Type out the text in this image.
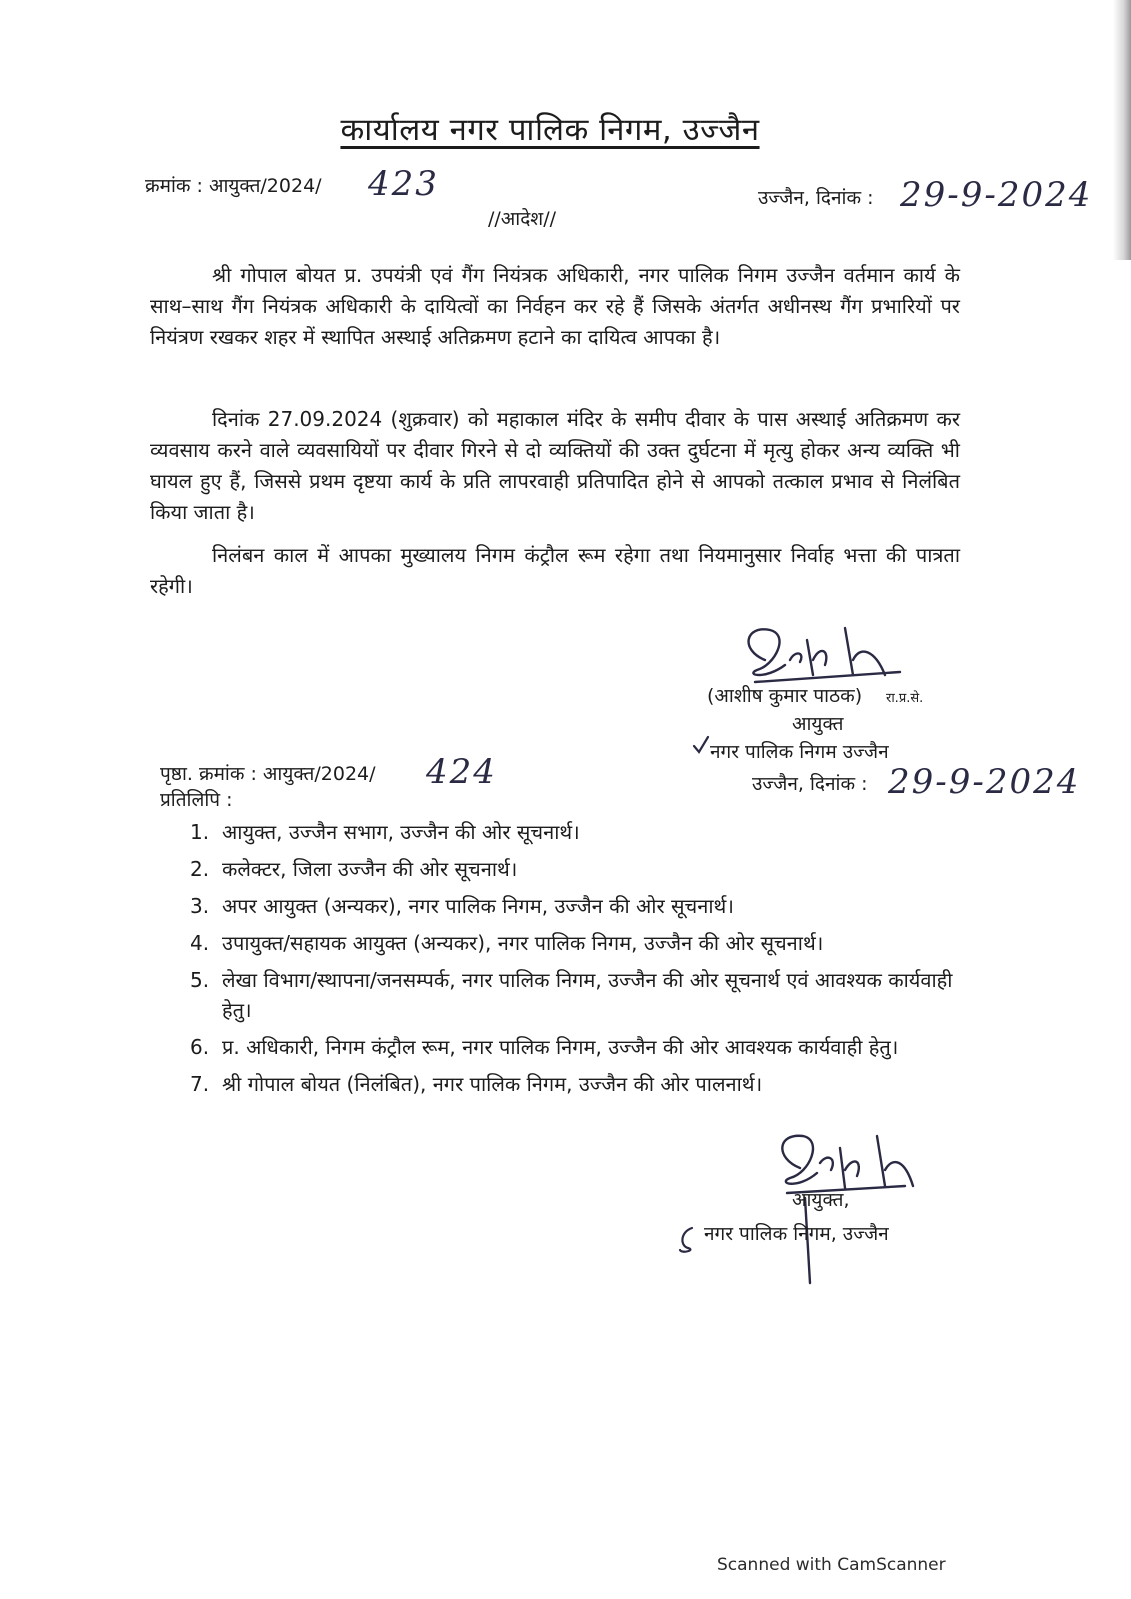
कार्यालय नगर पालिक निगम, उज्जैन
क्रमांक : आयुक्त/2024/ 423
//आदेश//
उज्जैन, दिनांक : 29-9-2024
श्री गोपाल बोयत प्र. उपयंत्री एवं गैंग नियंत्रक अधिकारी, नगर पालिक निगम उज्जैन वर्तमान कार्य के साथ–साथ गैंग नियंत्रक अधिकारी के दायित्वों का निर्वहन कर रहे हैं जिसके अंतर्गत अधीनस्थ गैंग प्रभारियों पर नियंत्रण रखकर शहर में स्थापित अस्थाई अतिक्रमण हटाने का दायित्व आपका है।
दिनांक 27.09.2024 (शुक्रवार) को महाकाल मंदिर के समीप दीवार के पास अस्थाई अतिक्रमण कर व्यवसाय करने वाले व्यवसायियों पर दीवार गिरने से दो व्यक्तियों की उक्त दुर्घटना में मृत्यु होकर अन्य व्यक्ति भी घायल हुए हैं, जिससे प्रथम दृष्टया कार्य के प्रति लापरवाही प्रतिपादित होने से आपको तत्काल प्रभाव से निलंबित किया जाता है।
निलंबन काल में आपका मुख्यालय निगम कंट्रौल रूम रहेगा तथा नियमानुसार निर्वाह भत्ता की पात्रता रहेगी।
(आशीष कुमार पाठक) रा.प्र.से.
आयुक्त
नगर पालिक निगम उज्जैन
उज्जैन, दिनांक : 29-9-2024
पृष्ठा. क्रमांक : आयुक्त/2024/ 424
प्रतिलिपि :
1. आयुक्त, उज्जैन सभाग, उज्जैन की ओर सूचनार्थ।
2. कलेक्टर, जिला उज्जैन की ओर सूचनार्थ।
3. अपर आयुक्त (अन्यकर), नगर पालिक निगम, उज्जैन की ओर सूचनार्थ।
4. उपायुक्त/सहायक आयुक्त (अन्यकर), नगर पालिक निगम, उज्जैन की ओर सूचनार्थ।
5. लेखा विभाग/स्थापना/जनसम्पर्क, नगर पालिक निगम, उज्जैन की ओर सूचनार्थ एवं आवश्यक कार्यवाही हेतु।
6. प्र. अधिकारी, निगम कंट्रौल रूम, नगर पालिक निगम, उज्जैन की ओर आवश्यक कार्यवाही हेतु।
7. श्री गोपाल बोयत (निलंबित), नगर पालिक निगम, उज्जैन की ओर पालनार्थ।
आयुक्त,
नगर पालिक निगम, उज्जैन
Scanned with CamScanner
